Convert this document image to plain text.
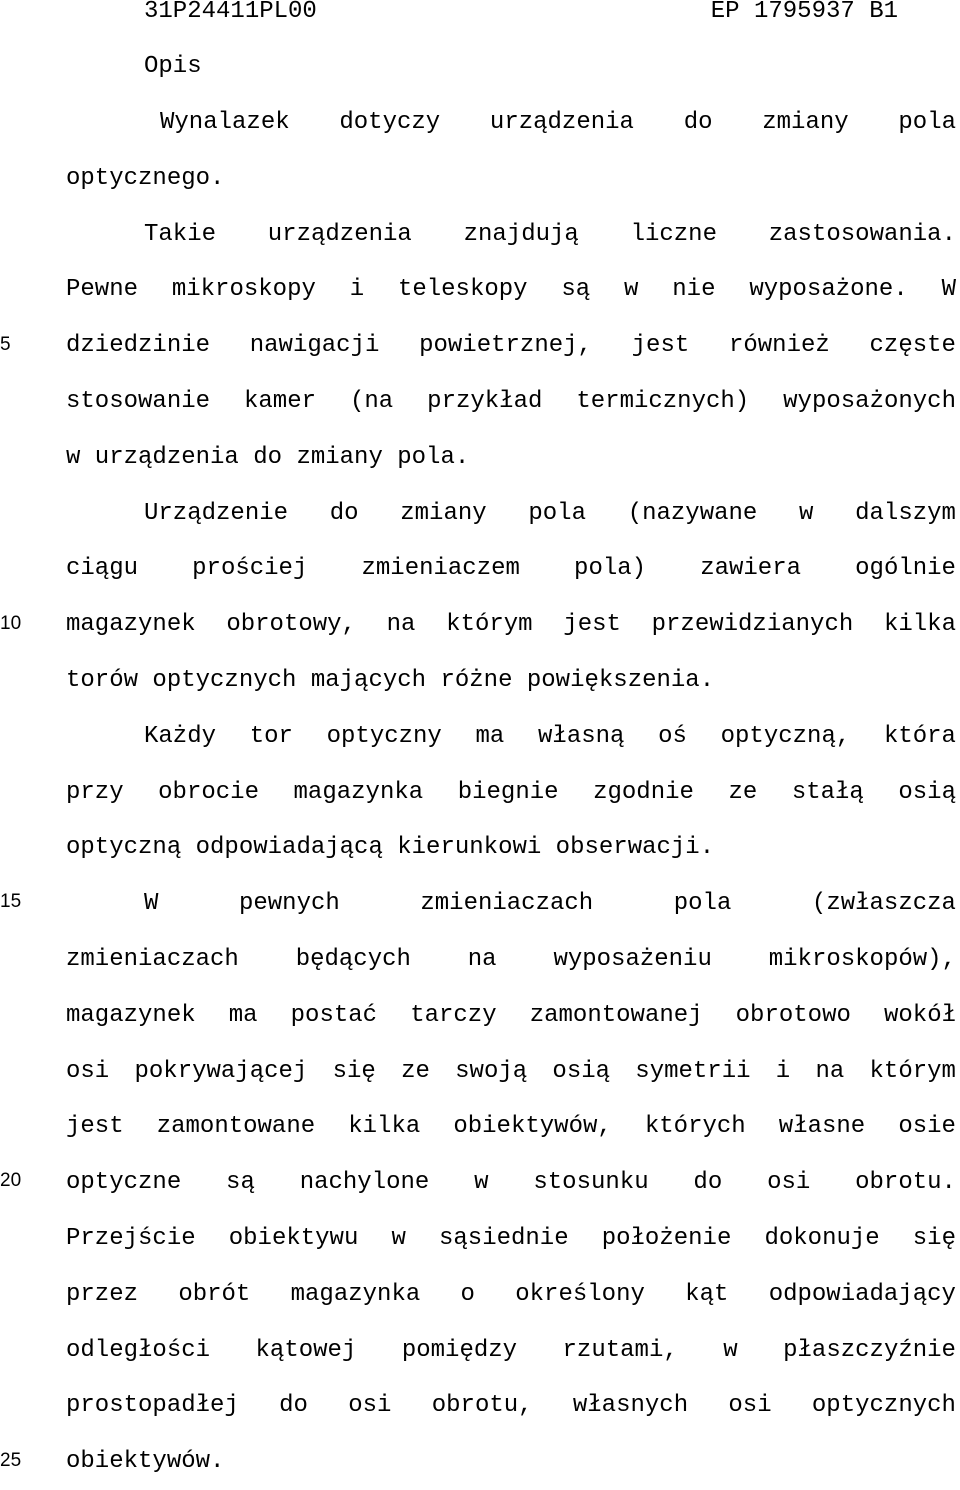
31P24411PL00	EP 1795937 B1
Opis
5
10
15
20
25
Wynalazek dotyczy urządzenia do zmiany pola
optycznego.
Takie urządzenia znajdują liczne zastosowania.
Pewne mikroskopy i teleskopy są w nie wyposażone. W
dziedzinie nawigacji powietrznej, jest również częste
stosowanie kamer (na przykład termicznych) wyposażonych
w urządzenia do zmiany pola.
Urządzenie do zmiany pola (nazywane w dalszym
ciągu prościej zmieniaczem pola) zawiera ogólnie
magazynek obrotowy, na którym jest przewidzianych kilka
torów optycznych mających różne powiększenia.
Każdy tor optyczny ma własną oś optyczną, która
przy obrocie magazynka biegnie zgodnie ze stałą osią
optyczną odpowiadającą kierunkowi obserwacji.
W	pewnych	zmieniaczach	pola	(zwłaszcza
zmieniaczach będących na wyposażeniu mikroskopów),
magazynek ma postać tarczy zamontowanej obrotowo wokół
osi pokrywającej się ze swoją osią symetrii i na którym
jest zamontowane kilka obiektywów, których własne osie
optyczne są nachylone w stosunku do osi obrotu.
Przejście obiektywu w sąsiednie położenie dokonuje się
przez obrót magazynka o określony kąt odpowiadający
odległości kątowej pomiędzy rzutami, w płaszczyźnie
prostopadłej do osi obrotu, własnych osi optycznych
obiektywów.
